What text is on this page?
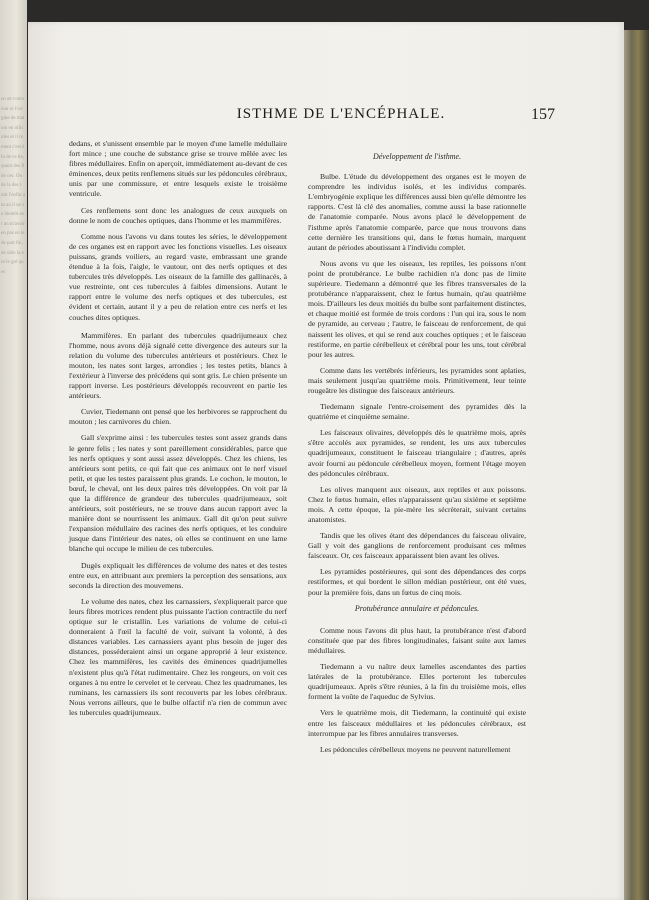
en de l'intérieur et l'origine de mation en ollicules et il rement c'est élu de ce lle, quant des Il de ces. On de la des t mit l'enfin ant au il ne se bientôt est un m'avoir en pas en le de part fin, de uble la ent le gré ques
ISTHME DE L'ENCÉPHALE.	157

dedans, et s'unissent ensemble par le moyen d'une lamelle médullaire fort mince ; une couche de substance grise se trouve mêlée avec les fibres médullaires. Enfin on aperçoit, immédiatement au-devant de ces éminences, deux petits renflemens situés sur les pédoncules cérébraux, unis par une commissure, et entre lesquels existe le troisième ventricule.

Ces renflemens sont donc les analogues de ceux auxquels on donne le nom de couches optiques, dans l'homme et les mammifères.

Comme nous l'avons vu dans toutes les séries, le développement de ces organes est en rapport avec les fonctions visuelles. Les oiseaux puissans, grands voiliers, au regard vaste, embrassant une grande étendue à la fois, l'aigle, le vautour, ont des nerfs optiques et des tubercules très développés. Les oiseaux de la famille des gallinacés, à vue restreinte, ont ces tubercules à faibles dimensions. Autant le rapport entre le volume des nerfs optiques et des tubercules, est évident et certain, autant il y a peu de relation entre ces nerfs et les couches dites optiques.

Mammifères. En parlant des tubercules quadrijumeaux chez l'homme, nous avons déjà signalé cette divergence des auteurs sur la relation du volume des tubercules antérieurs et postérieurs. Chez le mouton, les nates sont larges, arrondies ; les testes petits, blancs à l'extérieur à l'inverse des précédens qui sont gris. Le chien présente un rapport inverse. Les postérieurs développés recouvrent en partie les antérieurs.

Cuvier, Tiedemann ont pensé que les herbivores se rapprochent du mouton ; les carnivores du chien.

Gall s'exprime ainsi : les tubercules testes sont assez grands dans le genre felis ; les nates y sont pareillement considérables, parce que les nerfs optiques y sont aussi assez développés. Chez les chiens, les antérieurs sont petits, ce qui fait que ces animaux ont le nerf visuel petit, et que les testes paraissent plus grands. Le cochon, le mouton, le bœuf, le cheval, ont les deux paires très développées. On voit par là que la différence de grandeur des tubercules quadrijumeaux, soit antérieurs, soit postérieurs, ne se trouve dans aucun rapport avec la manière dont se nourrissent les animaux. Gall dit qu'on peut suivre l'expansion médullaire des racines des nerfs optiques, et les conduire jusque dans l'intérieur des nates, où elles se continuent en une lame blanche qui occupe le milieu de ces tubercules.

Dugès expliquait les différences de volume des nates et des testes entre eux, en attribuant aux premiers la perception des sensations, aux seconds la direction des mouvemens.

Le volume des nates, chez les carnassiers, s'expliquerait parce que leurs fibres motrices rendent plus puissante l'action contractile du nerf optique sur le cristallin. Les variations de volume de celui-ci donneraient à l'œil la faculté de voir, suivant la volonté, à des distances variables. Les carnassiers ayant plus besoin de juger des distances, posséderaient ainsi un organe approprié à leur existence. Chez les mammifères, les cavités des éminences quadrijumelles n'existent plus qu'à l'état rudimentaire. Chez les rongeurs, on voit ces organes à nu entre le cervelet et le cerveau. Chez les quadrumanes, les ruminans, les carnassiers ils sont recouverts par les lobes cérébraux. Nous verrons ailleurs, que le bulbe olfactif n'a rien de commun avec les tubercules quadrijumeaux.

Développement de l'isthme.

Bulbe. L'étude du développement des organes est le moyen de comprendre les individus isolés, et les individus comparés. L'embryogénie explique les différences aussi bien qu'elle démontre les rapports. C'est là clé des anomalies, comme aussi la base rationnelle de l'anatomie comparée. Nous avons placé le développement de l'isthme après l'anatomie comparée, parce que nous trouvons dans cette dernière les transitions qui, dans le fœtus humain, marquent autant de périodes aboutissant à l'individu complet.

Nous avons vu que les oiseaux, les reptiles, les poissons n'ont point de protubérance. Le bulbe rachidien n'a donc pas de limite supérieure. Tiedemann a démontré que les fibres transversales de la protubérance n'apparaissent, chez le fœtus humain, qu'au quatrième mois. D'ailleurs les deux moitiés du bulbe sont parfaitement distinctes, et chaque moitié est formée de trois cordons : l'un qui ira, sous le nom de pyramide, au cerveau ; l'autre, le faisceau de renforcement, de qui naissent les olives, et qui se rend aux couches optiques ; et le faisceau restiforme, en partie cérébelleux et cérébral pour les uns, tout cérébral pour les autres.

Comme dans les vertébrés inférieurs, les pyramides sont aplaties, mais seulement jusqu'au quatrième mois. Primitivement, leur teinte rougeâtre les distingue des faisceaux antérieurs.

Tiedemann signale l'entre-croisement des pyramides dès la quatrième et cinquième semaine.

Les faisceaux olivaires, développés dès le quatrième mois, après s'être accolés aux pyramides, se rendent, les uns aux tubercules quadrijumeaux, constituent le faisceau triangulaire ; d'autres, après avoir fourni au pédoncule cérébelleux moyen, forment l'étage moyen des pédoncules cérébraux.

Les olives manquent aux oiseaux, aux reptiles et aux poissons. Chez le fœtus humain, elles n'apparaissent qu'au sixième et septième mois. A cette époque, la pie-mère les sécrèterait, suivant certains anatomistes.

Tandis que les olives étant des dépendances du faisceau olivaire, Gall y voit des ganglions de renforcement produisant ces mêmes faisceaux. Or, ces faisceaux apparaissent bien avant les olives.

Les pyramides postérieures, qui sont des dépendances des corps restiformes, et qui bordent le sillon médian postérieur, ont été vues, pour la première fois, dans un fœtus de cinq mois.

Protubérance annulaire et pédoncules.

Comme nous l'avons dit plus haut, la protubérance n'est d'abord constituée que par des fibres longitudinales, faisant suite aux lames médullaires.

Tiedemann a vu naître deux lamelles ascendantes des parties latérales de la protubérance. Elles porteront les tubercules quadrijumeaux. Après s'être réunies, à la fin du troisième mois, elles forment la voûte de l'aqueduc de Sylvius.

Vers le quatrième mois, dit Tiedemann, la continuité qui existe entre les faisceaux médullaires et les pédoncules cérébraux, est interrompue par les fibres annulaires transverses.

Les pédoncules cérébelleux moyens ne peuvent naturellement
